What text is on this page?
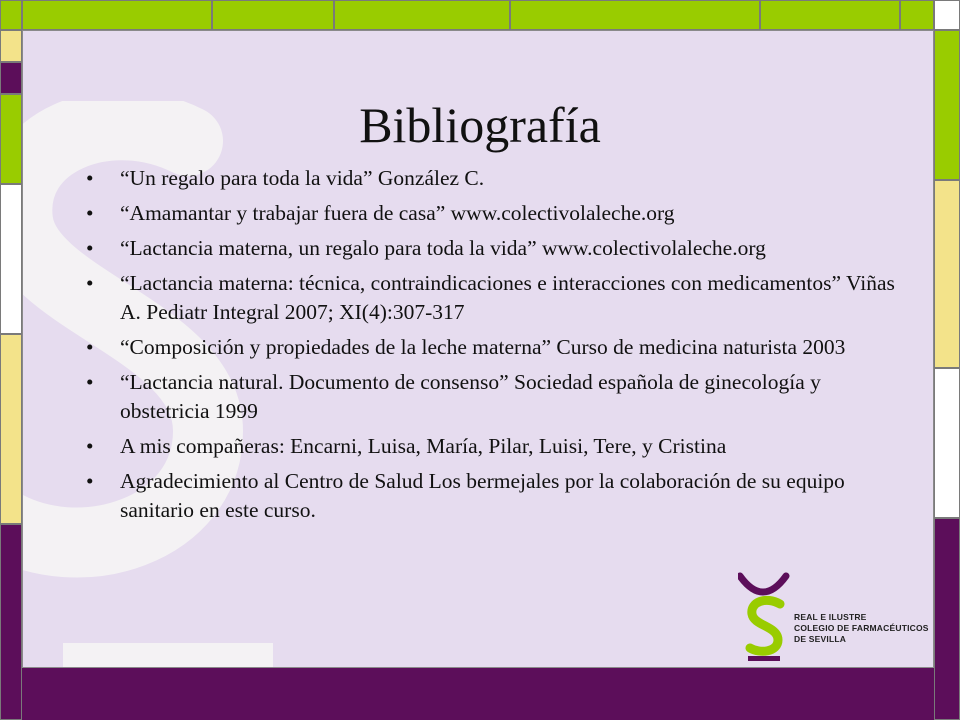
Bibliografía
• “Un regalo para toda la vida” González C.
• “Amamantar y trabajar fuera de casa” www.colectivolaleche.org
• “Lactancia materna, un regalo para toda la vida” www.colectivolaleche.org
• “Lactancia materna: técnica, contraindicaciones e interacciones con medicamentos” Viñas A. Pediatr Integral 2007; XI(4):307-317
• “Composición y propiedades de la leche materna” Curso de medicina naturista 2003
• “Lactancia natural. Documento de consenso” Sociedad española de ginecología y obstetricia 1999
• A mis compañeras: Encarni, Luisa, María, Pilar, Luisi, Tere, y Cristina
• Agradecimiento al Centro de Salud Los bermejales por la colaboración de su equipo sanitario en este curso.
REAL E ILUSTRE
COLEGIO DE FARMACÉUTICOS
DE SEVILLA
